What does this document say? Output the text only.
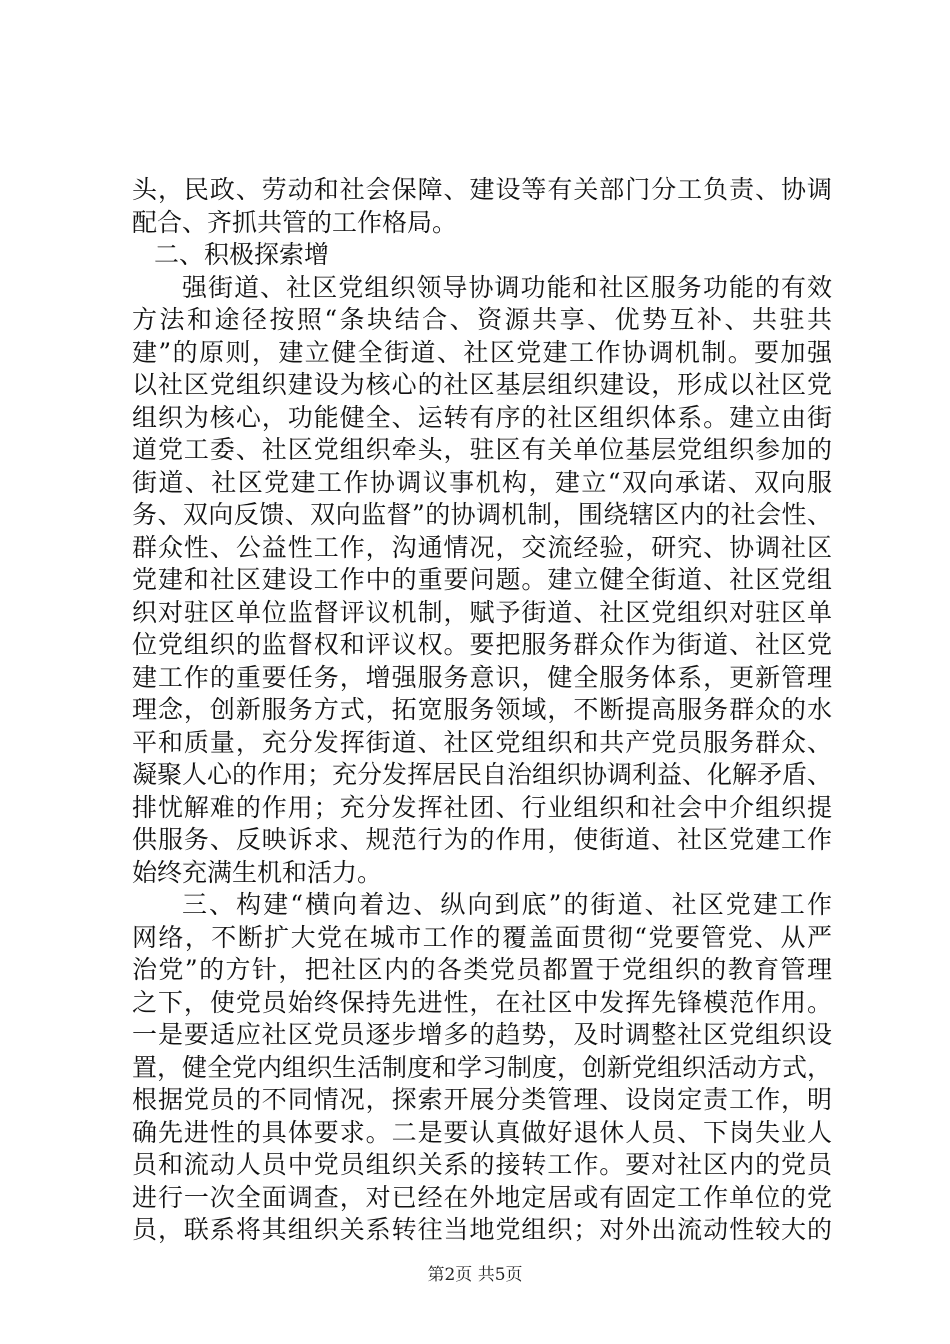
头，民政、劳动和社会保障、建设等有关部门分工负责、协调
配合、齐抓共管的工作格局。
二、积极探索增
强街道、社区党组织领导协调功能和社区服务功能的有效
方法和途径按照“条块结合、资源共享、优势互补、共驻共
建”的原则，建立健全街道、社区党建工作协调机制。要加强
以社区党组织建设为核心的社区基层组织建设，形成以社区党
组织为核心，功能健全、运转有序的社区组织体系。建立由街
道党工委、社区党组织牵头，驻区有关单位基层党组织参加的
街道、社区党建工作协调议事机构，建立“双向承诺、双向服
务、双向反馈、双向监督”的协调机制，围绕辖区内的社会性、
群众性、公益性工作，沟通情况，交流经验，研究、协调社区
党建和社区建设工作中的重要问题。建立健全街道、社区党组
织对驻区单位监督评议机制，赋予街道、社区党组织对驻区单
位党组织的监督权和评议权。要把服务群众作为街道、社区党
建工作的重要任务，增强服务意识，健全服务体系，更新管理
理念，创新服务方式，拓宽服务领域，不断提高服务群众的水
平和质量，充分发挥街道、社区党组织和共产党员服务群众、
凝聚人心的作用；充分发挥居民自治组织协调利益、化解矛盾、
排忧解难的作用；充分发挥社团、行业组织和社会中介组织提
供服务、反映诉求、规范行为的作用，使街道、社区党建工作
始终充满生机和活力。
三、构建“横向着边、纵向到底”的街道、社区党建工作
网络，不断扩大党在城市工作的覆盖面贯彻“党要管党、从严
治党”的方针，把社区内的各类党员都置于党组织的教育管理
之下，使党员始终保持先进性，在社区中发挥先锋模范作用。
一是要适应社区党员逐步增多的趋势，及时调整社区党组织设
置，健全党内组织生活制度和学习制度，创新党组织活动方式，
根据党员的不同情况，探索开展分类管理、设岗定责工作，明
确先进性的具体要求。二是要认真做好退休人员、下岗失业人
员和流动人员中党员组织关系的接转工作。要对社区内的党员
进行一次全面调查，对已经在外地定居或有固定工作单位的党
员，联系将其组织关系转往当地党组织；对外出流动性较大的
第2页 共5页
